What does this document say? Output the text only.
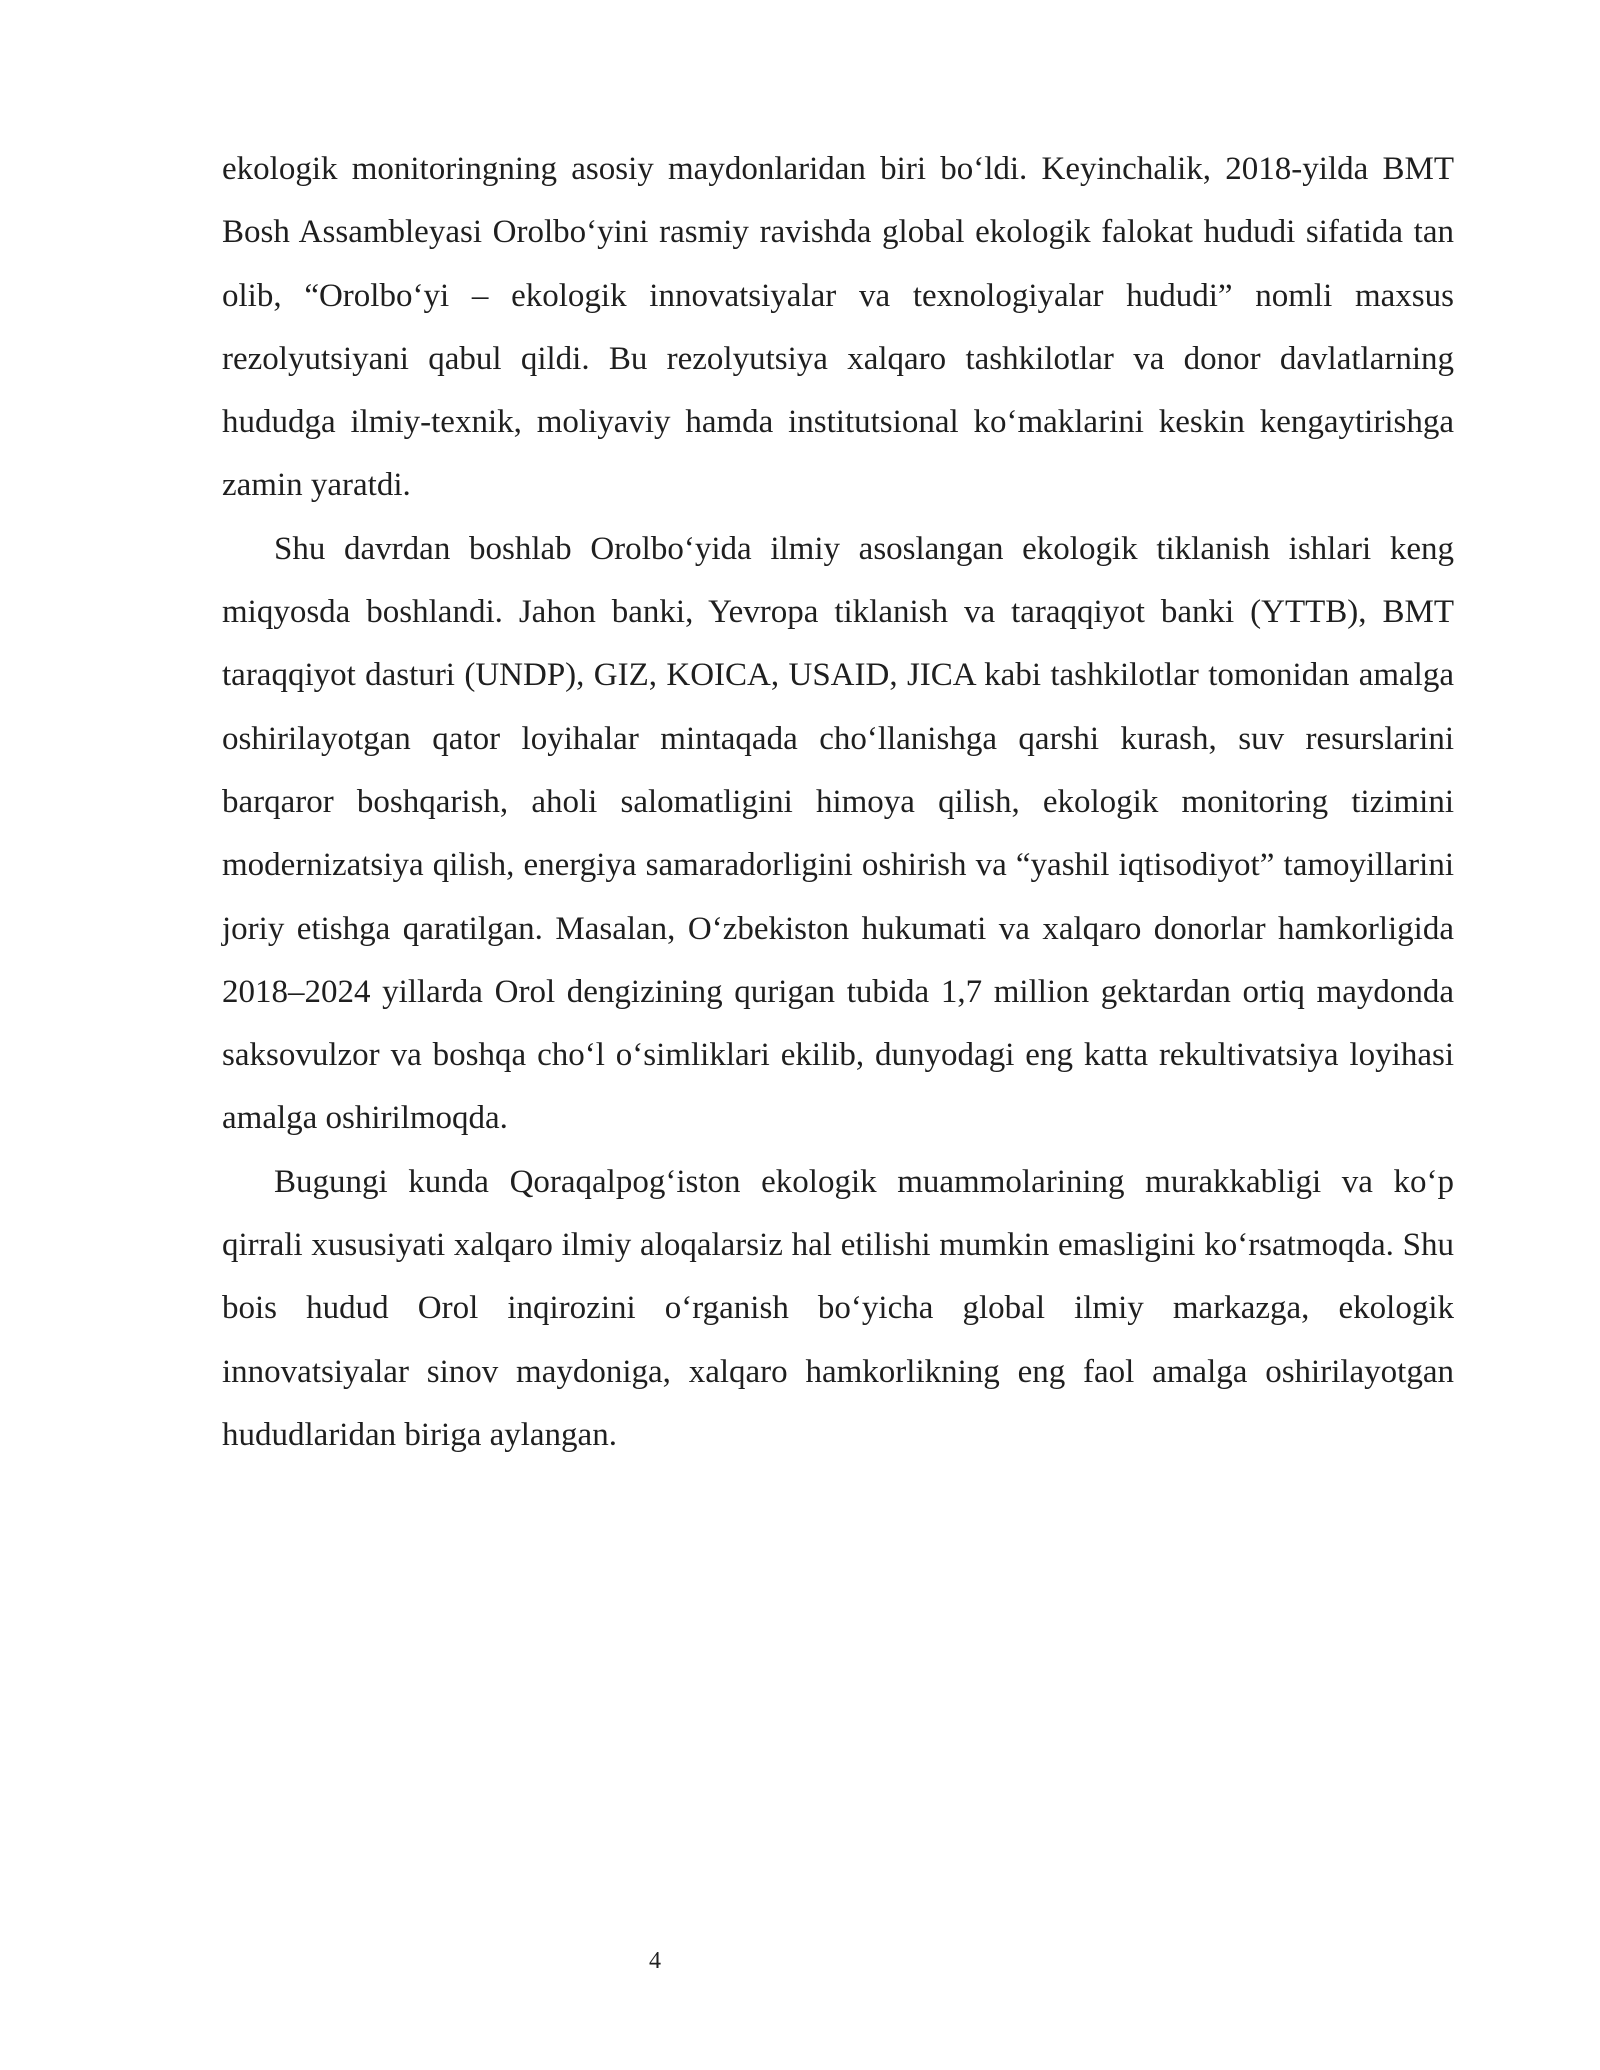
ekologik monitoringning asosiy maydonlaridan biri boʻldi. Keyinchalik, 2018-yilda BMT Bosh Assambleyasi Orolboʻyini rasmiy ravishda global ekologik falokat hududi sifatida tan olib, “Orolboʻyi – ekologik innovatsiyalar va texnologiyalar hududi” nomli maxsus rezolyutsiyani qabul qildi. Bu rezolyutsiya xalqaro tashkilotlar va donor davlatlarning hududga ilmiy-texnik, moliyaviy hamda institutsional koʻmaklarini keskin kengaytirishga zamin yaratdi.

Shu davrdan boshlab Orolboʻyida ilmiy asoslangan ekologik tiklanish ishlari keng miqyosda boshlandi. Jahon banki, Yevropa tiklanish va taraqqiyot banki (YTTB), BMT taraqqiyot dasturi (UNDP), GIZ, KOICA, USAID, JICA kabi tashkilotlar tomonidan amalga oshirilayotgan qator loyihalar mintaqada choʻllanishga qarshi kurash, suv resurslarini barqaror boshqarish, aholi salomatligini himoya qilish, ekologik monitoring tizimini modernizatsiya qilish, energiya samaradorligini oshirish va “yashil iqtisodiyot” tamoyillarini joriy etishga qaratilgan. Masalan, Oʻzbekiston hukumati va xalqaro donorlar hamkorligida 2018–2024 yillarda Orol dengizining qurigan tubida 1,7 million gektardan ortiq maydonda saksovulzor va boshqa choʻl oʻsimliklari ekilib, dunyodagi eng katta rekultivatsiya loyihasi amalga oshirilmoqda.

Bugungi kunda Qoraqalpogʻiston ekologik muammolarining murakkabligi va koʻp qirrali xususiyati xalqaro ilmiy aloqalarsiz hal etilishi mumkin emasligini koʻrsatmoqda. Shu bois hudud Orol inqirozini oʻrganish boʻyicha global ilmiy markazga, ekologik innovatsiyalar sinov maydoniga, xalqaro hamkorlikning eng faol amalga oshirilayotgan hududlaridan biriga aylangan.

4
